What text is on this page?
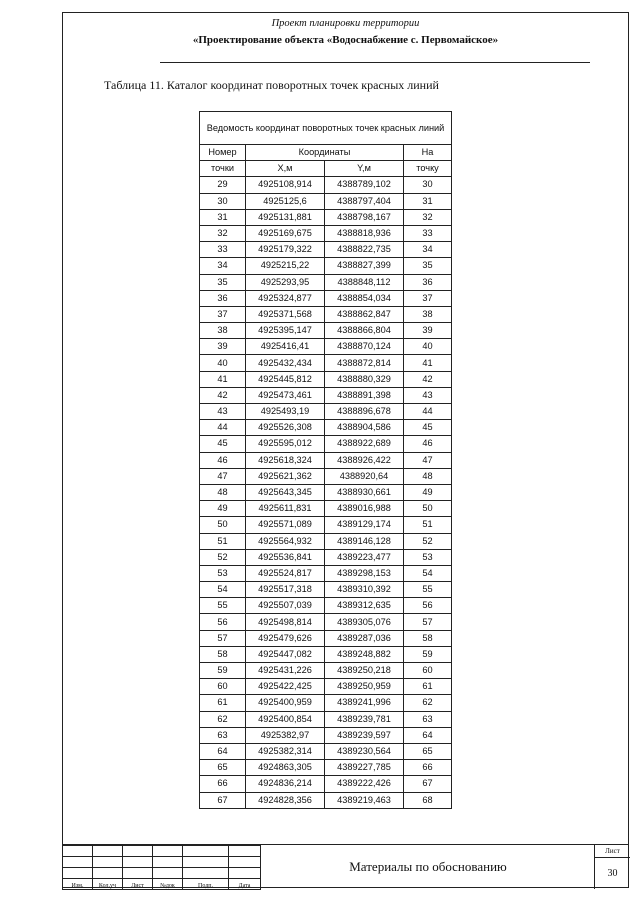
Проект планировки территории
«Проектирование объекта «Водоснабжение с. Первомайское»
Таблица 11. Каталог координат поворотных точек красных линий
Ведомость координат поворотных точек красных линий			
Номер	Координаты		На
точки	X,м	Y,м	точку
29	4925108,914	4388789,102	30
30	4925125,6	4388797,404	31
31	4925131,881	4388798,167	32
32	4925169,675	4388818,936	33
33	4925179,322	4388822,735	34
34	4925215,22	4388827,399	35
35	4925293,95	4388848,112	36
36	4925324,877	4388854,034	37
37	4925371,568	4388862,847	38
38	4925395,147	4388866,804	39
39	4925416,41	4388870,124	40
40	4925432,434	4388872,814	41
41	4925445,812	4388880,329	42
42	4925473,461	4388891,398	43
43	4925493,19	4388896,678	44
44	4925526,308	4388904,586	45
45	4925595,012	4388922,689	46
46	4925618,324	4388926,422	47
47	4925621,362	4388920,64	48
48	4925643,345	4388930,661	49
49	4925611,831	4389016,988	50
50	4925571,089	4389129,174	51
51	4925564,932	4389146,128	52
52	4925536,841	4389223,477	53
53	4925524,817	4389298,153	54
54	4925517,318	4389310,392	55
55	4925507,039	4389312,635	56
56	4925498,814	4389305,076	57
57	4925479,626	4389287,036	58
58	4925447,082	4389248,882	59
59	4925431,226	4389250,218	60
60	4925422,425	4389250,959	61
61	4925400,959	4389241,996	62
62	4925400,854	4389239,781	63
63	4925382,97	4389239,597	64
64	4925382,314	4389230,564	65
65	4924863,305	4389227,785	66
66	4924836,214	4389222,426	67
67	4924828,356	4389219,463	68

Изм.	Кол.уч	Лист	№док	Подп.	Дата
Материалы по обоснованию
Лист
30
